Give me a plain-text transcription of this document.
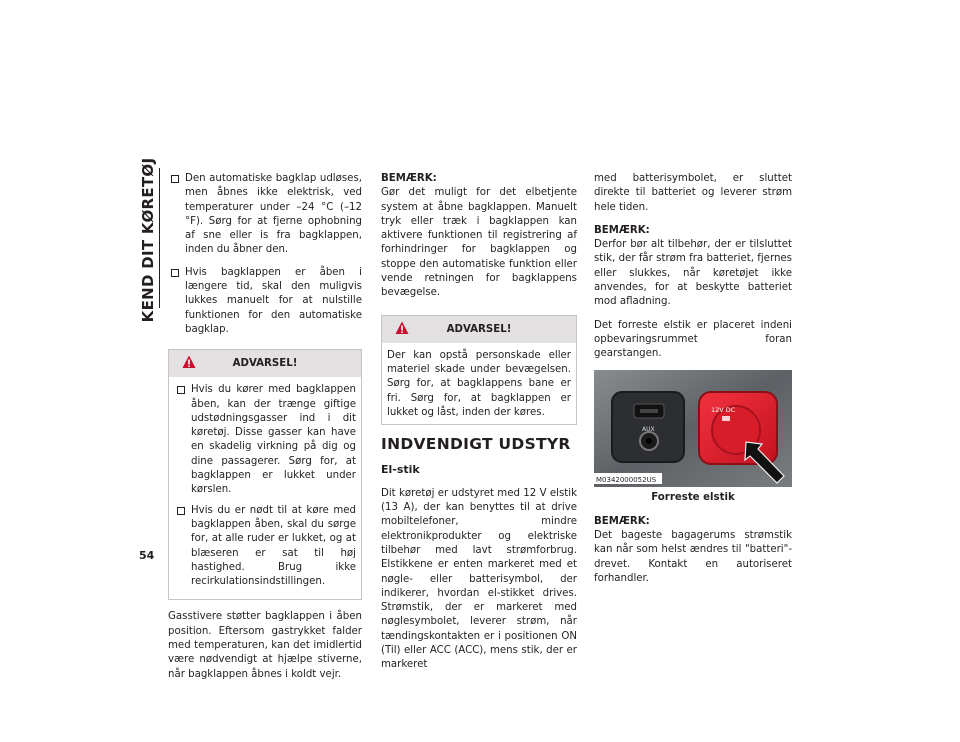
KEND DIT KØRETØJ
54
Den automatiske bagklap udløses, men åbnes ikke elektrisk, ved temperaturer under –24 °C (–12 °F). Sørg for at fjerne ophobning af sne eller is fra bagklappen, inden du åbner den.
Hvis bagklappen er åben i længere tid, skal den muligvis lukkes manuelt for at nulstille funktionen for den automatiske bagklap.
ADVARSEL!
Hvis du kører med bagklappen åben, kan der trænge giftige udstødningsgasser ind i dit køretøj. Disse gasser kan have en skadelig virkning på dig og dine passagerer. Sørg for, at bagklappen er lukket under kørslen.
Hvis du er nødt til at køre med bagklappen åben, skal du sørge for, at alle ruder er lukket, og at blæseren er sat til høj hastighed. Brug ikke recirkulationsindstillingen.

Gasstivere støtter bagklappen i åben position. Eftersom gastrykket falder med temperaturen, kan det imidlertid være nødvendigt at hjælpe stiverne, når bagklappen åbnes i koldt vejr.

BEMÆRK:
Gør det muligt for det elbetjente system at åbne bagklappen. Manuelt tryk eller træk i bagklappen kan aktivere funktionen til registrering af forhindringer for bagklappen og stoppe den automatiske funktion eller vende retningen for bagklappens bevægelse.

ADVARSEL!

Der kan opstå personskade eller materiel skade under bevægelsen. Sørg for, at bagklappens bane er fri. Sørg for, at bagklappen er lukket og låst, inden der køres.

INDVENDIGT UDSTYR
El-stik

Dit køretøj er udstyret med 12 V elstik (13 A), der kan benyttes til at drive mobiltelefoner, mindre elektronikprodukter og elektriske tilbehør med lavt strømforbrug. Elstikkene er enten markeret med et nøgle- eller batterisymbol, der indikerer, hvordan el-stikket drives. Strømstik, der er markeret med nøglesymbolet, leverer strøm, når tændingskontakten er i positionen ON (Til) eller ACC (ACC), mens stik, der er markeret

med batterisymbolet, er sluttet direkte til batteriet og leverer strøm hele tiden.

BEMÆRK:
Derfor bør alt tilbehør, der er tilsluttet stik, der får strøm fra batteriet, fjernes eller slukkes, når køretøjet ikke anvendes, for at beskytte batteriet mod afladning.

Det forreste elstik er placeret indeni opbevaringsrummet foran gearstangen.

12V DC
AUX
M0342000052US
Forreste elstik

BEMÆRK:
Det bageste bagagerums strømstik kan når som helst ændres til "batteri"-drevet. Kontakt en autoriseret forhandler.
